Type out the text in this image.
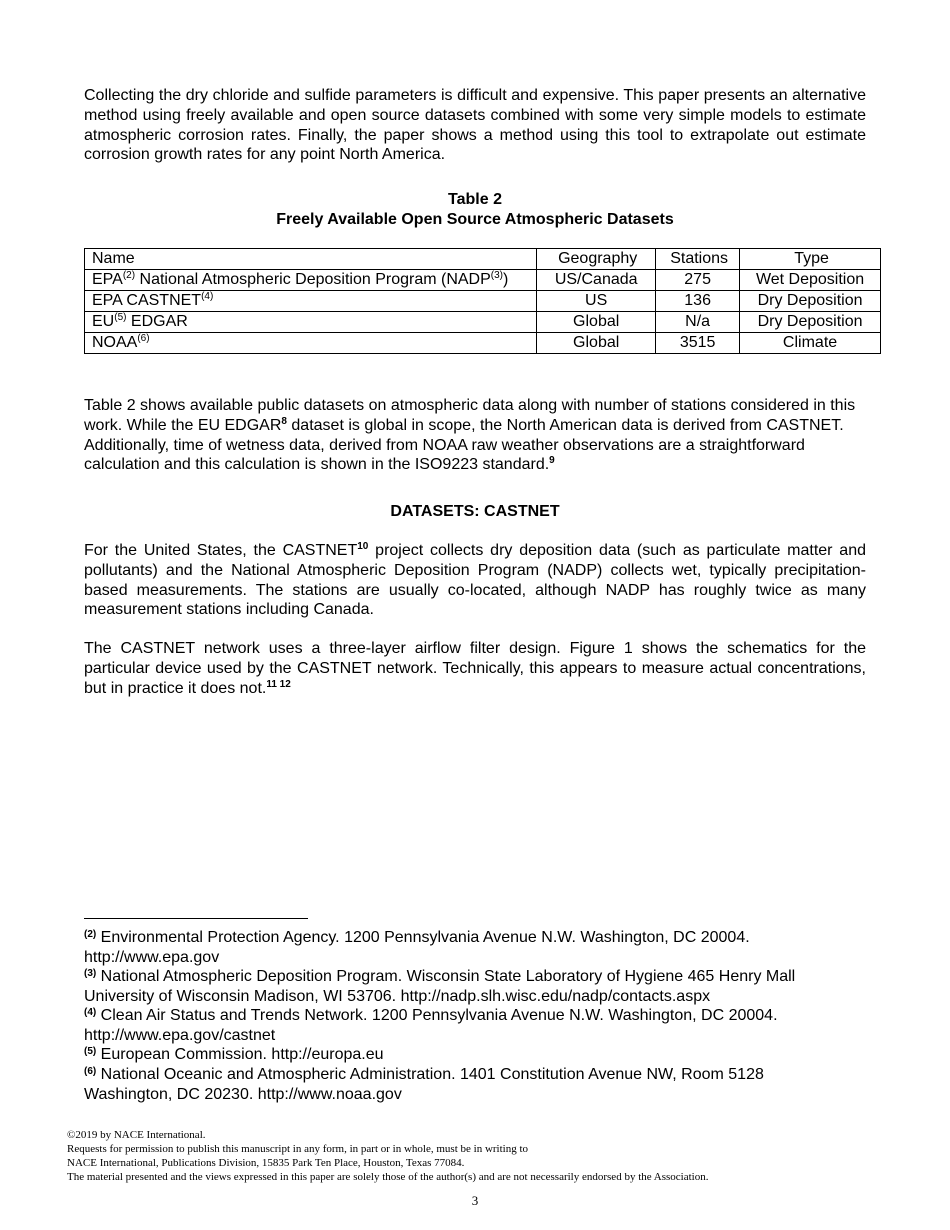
Collecting the dry chloride and sulfide parameters is difficult and expensive. This paper presents an alternative method using freely available and open source datasets combined with some very simple models to estimate atmospheric corrosion rates. Finally, the paper shows a method using this tool to extrapolate out estimate corrosion growth rates for any point North America.

Table 2
Freely Available Open Source Atmospheric Datasets
Name	Geography	Stations	Type
EPA$^{(2)}$ National Atmospheric Deposition Program (NADP$^{(3)}$)	US/Canada	275	Wet Deposition
EPA CASTNET$^{(4)}$	US	136	Dry Deposition
EU$^{(5)}$ EDGAR	Global	N/a	Dry Deposition
NOAA$^{(6)}$	Global	3515	Climate

Table 2 shows available public datasets on atmospheric data along with number of stations considered in this work. While the EU EDGAR$^8$ dataset is global in scope, the North American data is derived from CASTNET. Additionally, time of wetness data, derived from NOAA raw weather observations are a straightforward calculation and this calculation is shown in the ISO9223 standard.$^9$

DATASETS: CASTNET

For the United States, the CASTNET$^{10}$ project collects dry deposition data (such as particulate matter and pollutants) and the National Atmospheric Deposition Program (NADP) collects wet, typically precipitation-based measurements. The stations are usually co-located, although NADP has roughly twice as many measurement stations including Canada.

The CASTNET network uses a three-layer airflow filter design. Figure 1 shows the schematics for the particular device used by the CASTNET network. Technically, this appears to measure actual concentrations, but in practice it does not.$^{11 12}$

$^{(2)}$ Environmental Protection Agency. 1200 Pennsylvania Avenue N.W. Washington, DC 20004.
http://www.epa.gov
$^{(3)}$ National Atmospheric Deposition Program. Wisconsin State Laboratory of Hygiene 465 Henry Mall
University of Wisconsin Madison, WI 53706. http://nadp.slh.wisc.edu/nadp/contacts.aspx
$^{(4)}$ Clean Air Status and Trends Network. 1200 Pennsylvania Avenue N.W. Washington, DC 20004.
http://www.epa.gov/castnet
$^{(5)}$ European Commission. http://europa.eu
$^{(6)}$ National Oceanic and Atmospheric Administration. 1401 Constitution Avenue NW, Room 5128
Washington, DC 20230. http://www.noaa.gov
©2019 by NACE International.
Requests for permission to publish this manuscript in any form, in part or in whole, must be in writing to
NACE International, Publications Division, 15835 Park Ten Place, Houston, Texas 77084.
The material presented and the views expressed in this paper are solely those of the author(s) and are not necessarily endorsed by the Association.
3
